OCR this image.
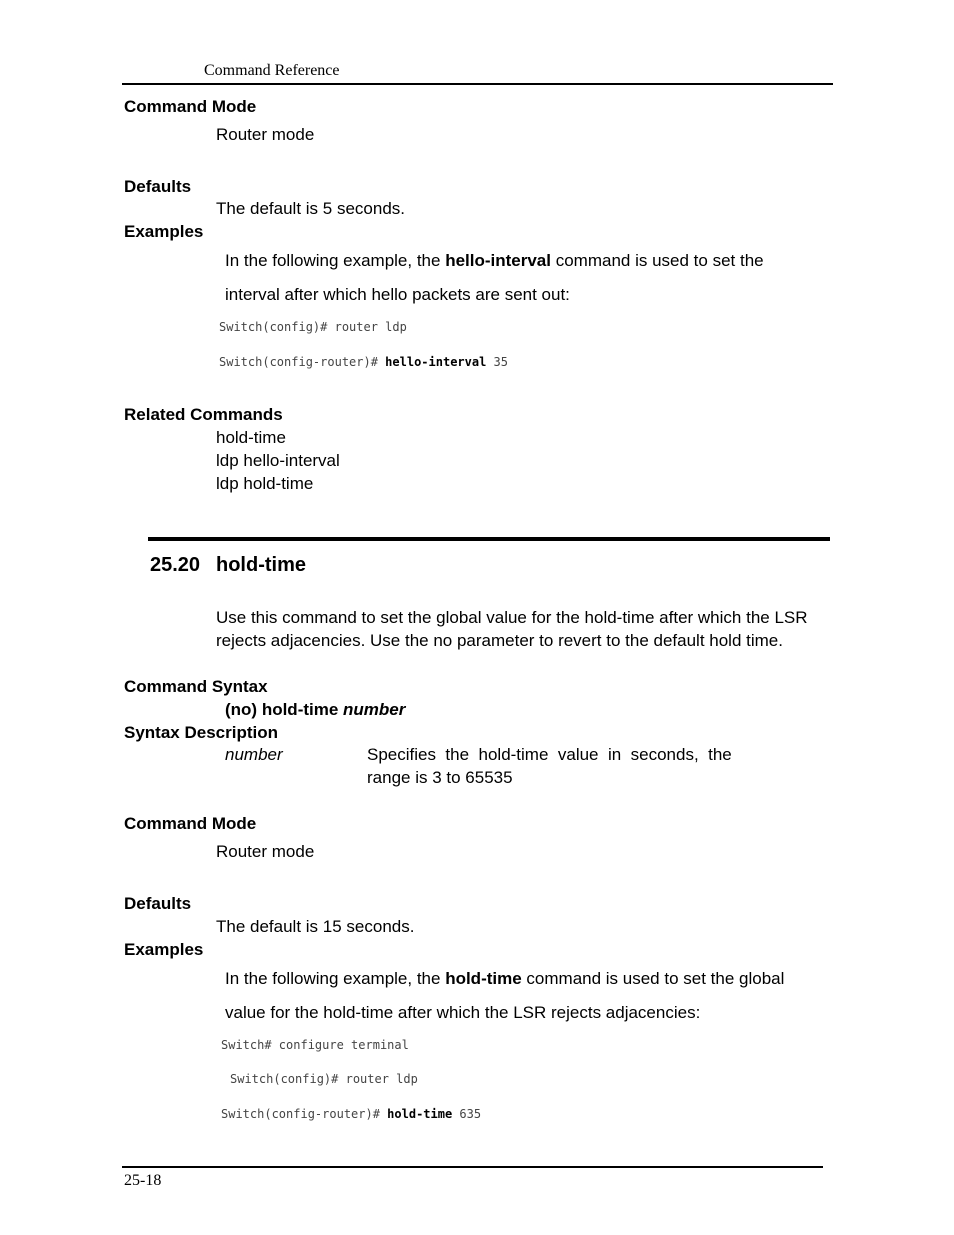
Command Reference
Command Mode
Router mode
Defaults
The default is 5 seconds.
Examples
In the following example, the hello-interval command is used to set the
interval after which hello packets are sent out:
Switch(config)# router ldp
Switch(config-router)# hello-interval 35
Related Commands
hold-time
ldp hello-interval
ldp hold-time
25.20 hold-time
Use this command to set the global value for the hold-time after which the LSR
rejects adjacencies. Use the no parameter to revert to the default hold time.
Command Syntax
(no) hold-time number
Syntax Description
number	Specifies  the  hold-time  value  in  seconds,  the
range is 3 to 65535
Command Mode
Router mode
Defaults
The default is 15 seconds.
Examples
In the following example, the hold-time command is used to set the global
value for the hold-time after which the LSR rejects adjacencies:
Switch# configure terminal
Switch(config)# router ldp
Switch(config-router)# hold-time 635
25-18
